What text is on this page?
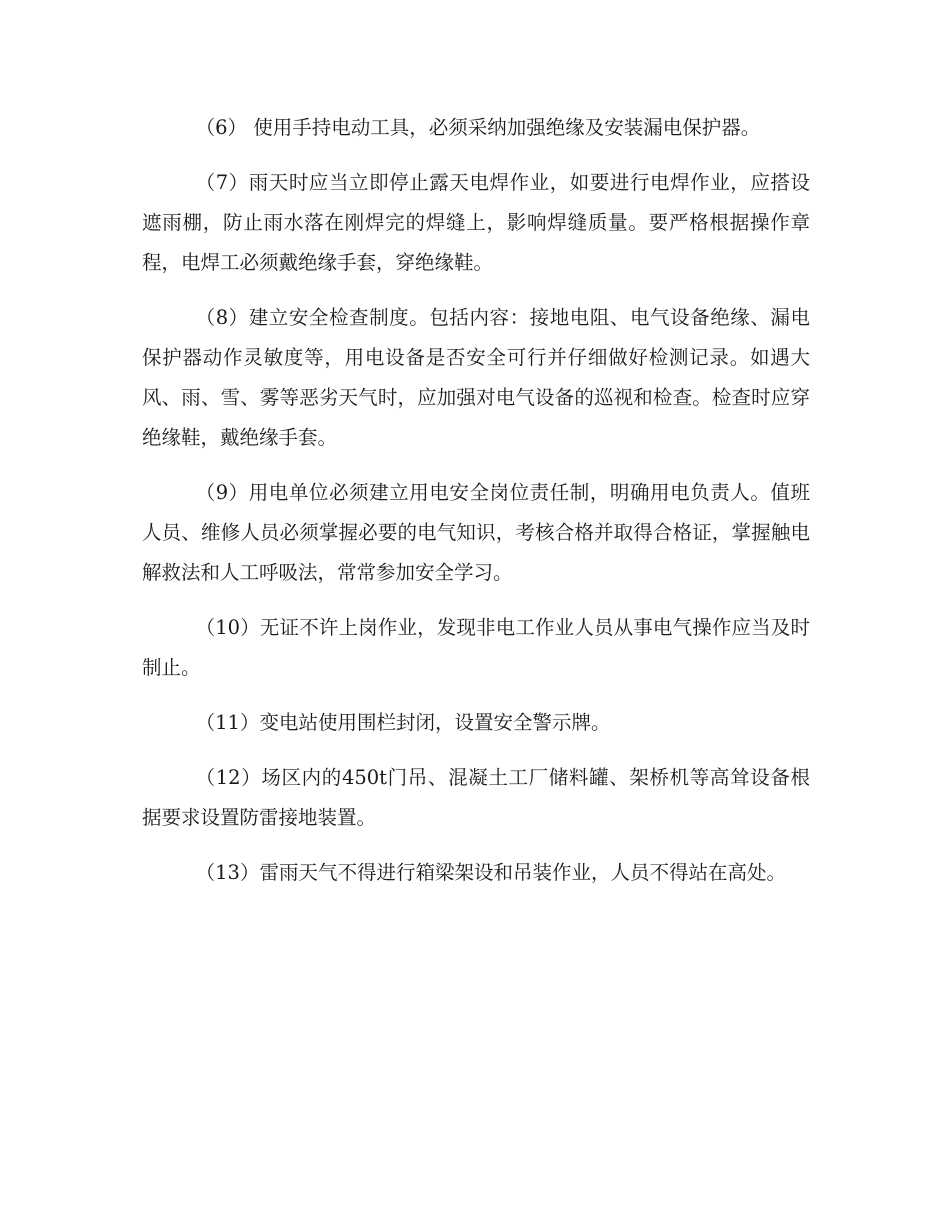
（6） 使用手持电动工具，必须采纳加强绝缘及安装漏电保护器。

（7）雨天时应当立即停止露天电焊作业，如要进行电焊作业，应搭设遮雨棚，防止雨水落在刚焊完的焊缝上，影响焊缝质量。要严格根据操作章程，电焊工必须戴绝缘手套，穿绝缘鞋。

（8）建立安全检查制度。包括内容：接地电阻、电气设备绝缘、漏电保护器动作灵敏度等，用电设备是否安全可行并仔细做好检测记录。如遇大风、雨、雪、雾等恶劣天气时，应加强对电气设备的巡视和检查。检查时应穿绝缘鞋，戴绝缘手套。

（9）用电单位必须建立用电安全岗位责任制，明确用电负责人。值班人员、维修人员必须掌握必要的电气知识，考核合格并取得合格证，掌握触电解救法和人工呼吸法，常常参加安全学习。

（10）无证不许上岗作业，发现非电工作业人员从事电气操作应当及时制止。

（11）变电站使用围栏封闭，设置安全警示牌。

（12）场区内的450t门吊、混凝土工厂储料罐、架桥机等高耸设备根据要求设置防雷接地装置。

（13）雷雨天气不得进行箱梁架设和吊装作业，人员不得站在高处。
